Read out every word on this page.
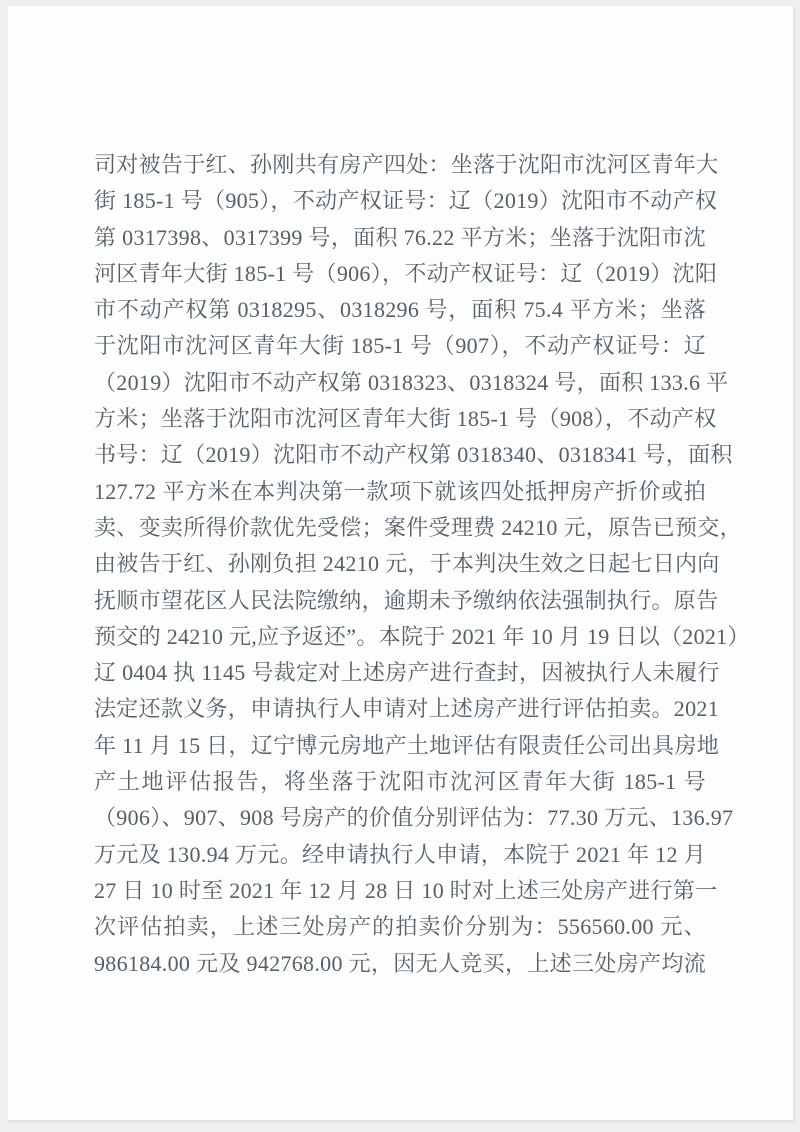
司对被告于红、孙刚共有房产四处：坐落于沈阳市沈河区青年大
街 185-1 号（905），不动产权证号：辽（2019）沈阳市不动产权
第 0317398、0317399 号，面积 76.22 平方米；坐落于沈阳市沈
河区青年大街 185-1 号（906），不动产权证号：辽（2019）沈阳
市不动产权第 0318295、0318296 号，面积 75.4 平方米；坐落
于沈阳市沈河区青年大街 185-1 号（907），不动产权证号：辽
（2019）沈阳市不动产权第 0318323、0318324 号，面积 133.6 平
方米；坐落于沈阳市沈河区青年大街 185-1 号（908），不动产权
书号：辽（2019）沈阳市不动产权第 0318340、0318341 号，面积
127.72 平方米在本判决第一款项下就该四处抵押房产折价或拍
卖、变卖所得价款优先受偿；案件受理费 24210 元，原告已预交，
由被告于红、孙刚负担 24210 元，于本判决生效之日起七日内向
抚顺市望花区人民法院缴纳，逾期未予缴纳依法强制执行。原告
预交的 24210 元,应予返还”。本院于 2021 年 10 月 19 日以（2021）
辽 0404 执 1145 号裁定对上述房产进行查封，因被执行人未履行
法定还款义务，申请执行人申请对上述房产进行评估拍卖。2021
年 11 月 15 日，辽宁博元房地产土地评估有限责任公司出具房地
产土地评估报告，将坐落于沈阳市沈河区青年大街 185-1 号
（906）、907、908 号房产的价值分别评估为：77.30 万元、136.97
万元及 130.94 万元。经申请执行人申请，本院于 2021 年 12 月
27 日 10 时至 2021 年 12 月 28 日 10 时对上述三处房产进行第一
次评估拍卖，上述三处房产的拍卖价分别为：556560.00 元、
986184.00 元及 942768.00 元，因无人竞买，上述三处房产均流
